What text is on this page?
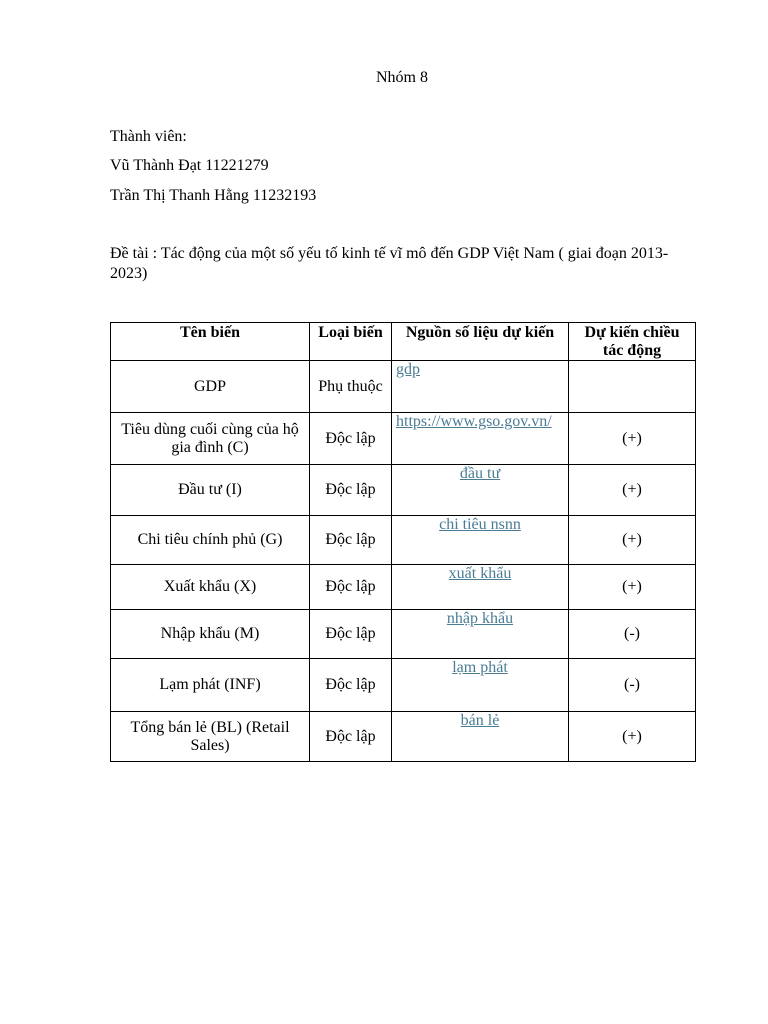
Nhóm 8
Thành viên:
Vũ Thành Đạt 11221279
Trần Thị Thanh Hằng 11232193
Đề tài : Tác động của một số yếu tố kinh tế vĩ mô đến GDP Việt Nam ( giai đoạn 2013-2023)
Tên biến	Loại biến	Nguồn số liệu dự kiến	Dự kiến chiều tác động
GDP	Phụ thuộc	gdp	
Tiêu dùng cuối cùng của hộ gia đình (C)	Độc lập	https://www.gso.gov.vn/	(+)
Đầu tư (I)	Độc lập	đầu tư	(+)
Chi tiêu chính phủ (G)	Độc lập	chi tiêu nsnn	(+)
Xuất khẩu (X)	Độc lập	xuất khẩu	(+)
Nhập khẩu (M)	Độc lập	nhập khẩu	(-)
Lạm phát (INF)	Độc lập	lạm phát	(-)
Tổng bán lẻ (BL) (Retail Sales)	Độc lập	bán lẻ	(+)
